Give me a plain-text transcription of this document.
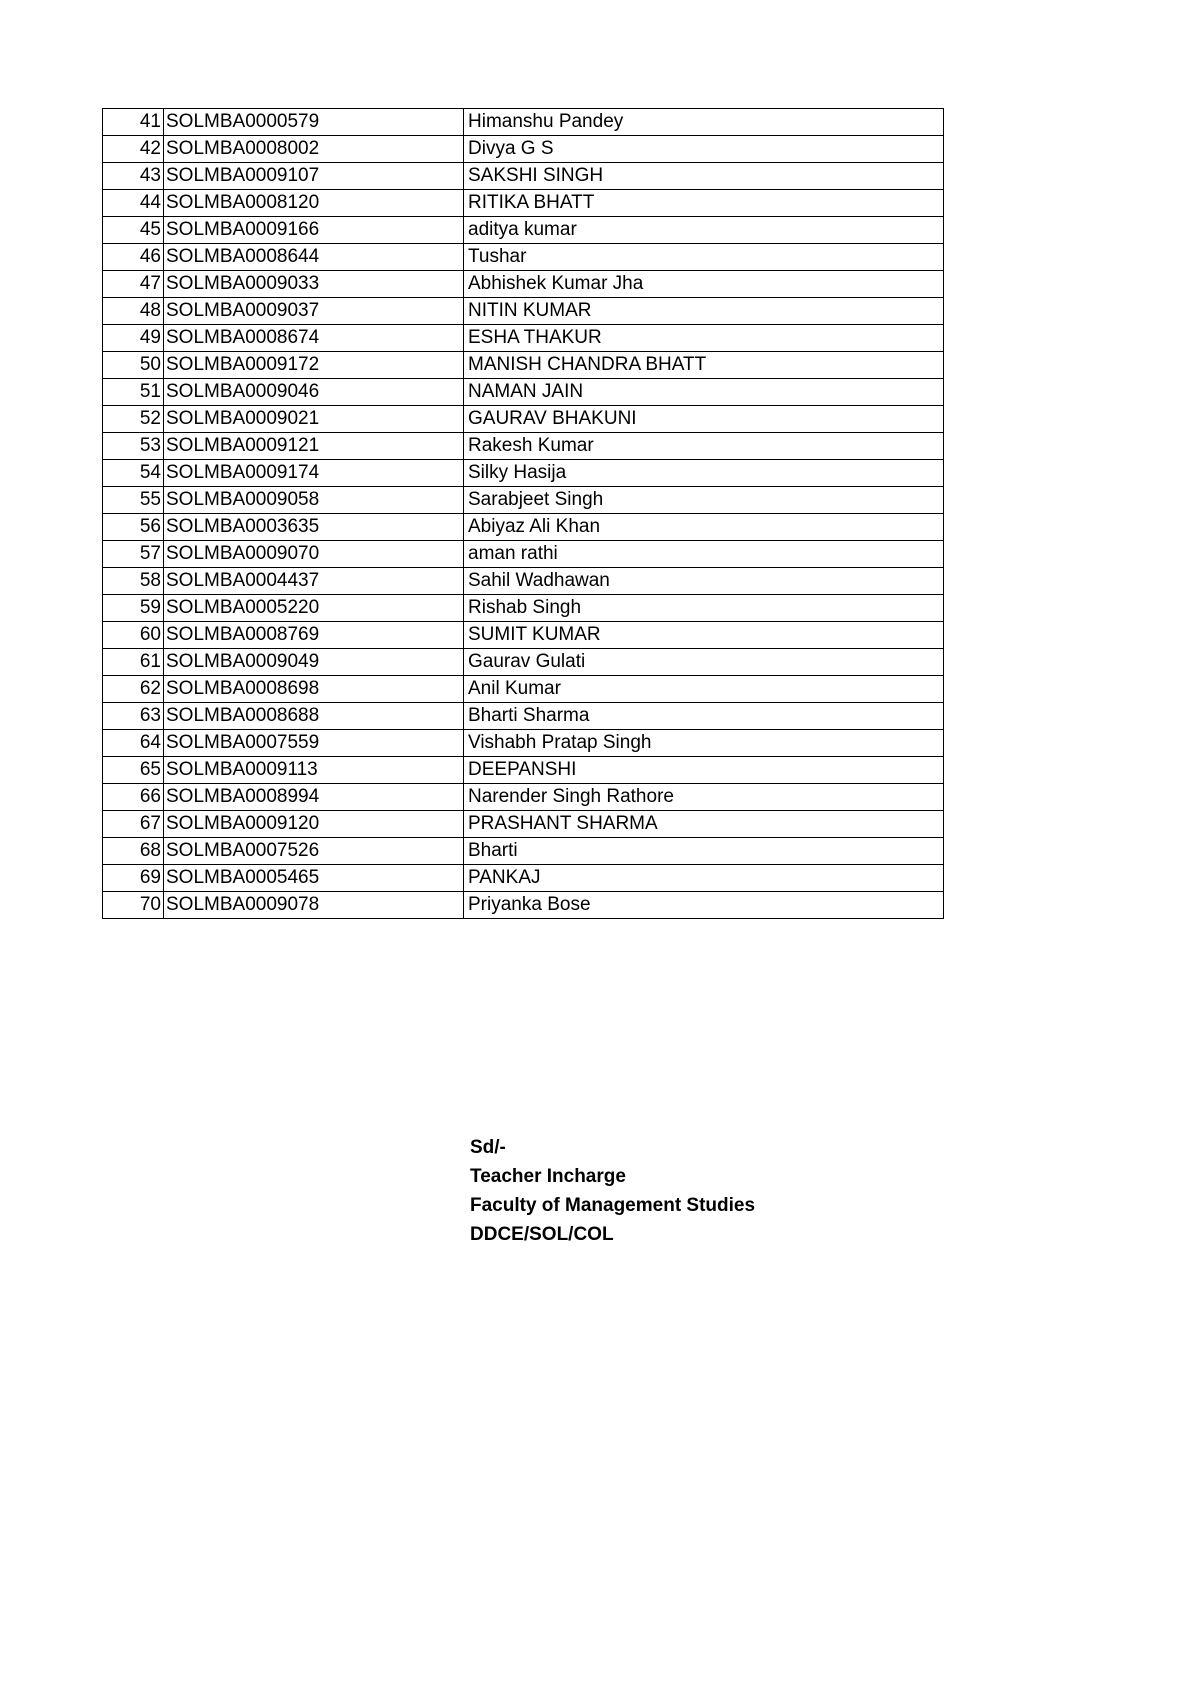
41	SOLMBA0000579	Himanshu Pandey
42	SOLMBA0008002	Divya G S
43	SOLMBA0009107	SAKSHI SINGH
44	SOLMBA0008120	RITIKA BHATT
45	SOLMBA0009166	aditya kumar
46	SOLMBA0008644	Tushar
47	SOLMBA0009033	Abhishek Kumar Jha
48	SOLMBA0009037	NITIN KUMAR
49	SOLMBA0008674	ESHA THAKUR
50	SOLMBA0009172	MANISH CHANDRA BHATT
51	SOLMBA0009046	NAMAN JAIN
52	SOLMBA0009021	GAURAV BHAKUNI
53	SOLMBA0009121	Rakesh Kumar
54	SOLMBA0009174	Silky Hasija
55	SOLMBA0009058	Sarabjeet Singh
56	SOLMBA0003635	Abiyaz Ali Khan
57	SOLMBA0009070	aman rathi
58	SOLMBA0004437	Sahil Wadhawan
59	SOLMBA0005220	Rishab Singh
60	SOLMBA0008769	SUMIT KUMAR
61	SOLMBA0009049	Gaurav Gulati
62	SOLMBA0008698	Anil Kumar
63	SOLMBA0008688	Bharti Sharma
64	SOLMBA0007559	Vishabh Pratap Singh
65	SOLMBA0009113	DEEPANSHI
66	SOLMBA0008994	Narender Singh Rathore
67	SOLMBA0009120	PRASHANT SHARMA
68	SOLMBA0007526	Bharti
69	SOLMBA0005465	PANKAJ
70	SOLMBA0009078	Priyanka Bose
Sd/-
Teacher Incharge
Faculty of Management Studies
DDCE/SOL/COL
